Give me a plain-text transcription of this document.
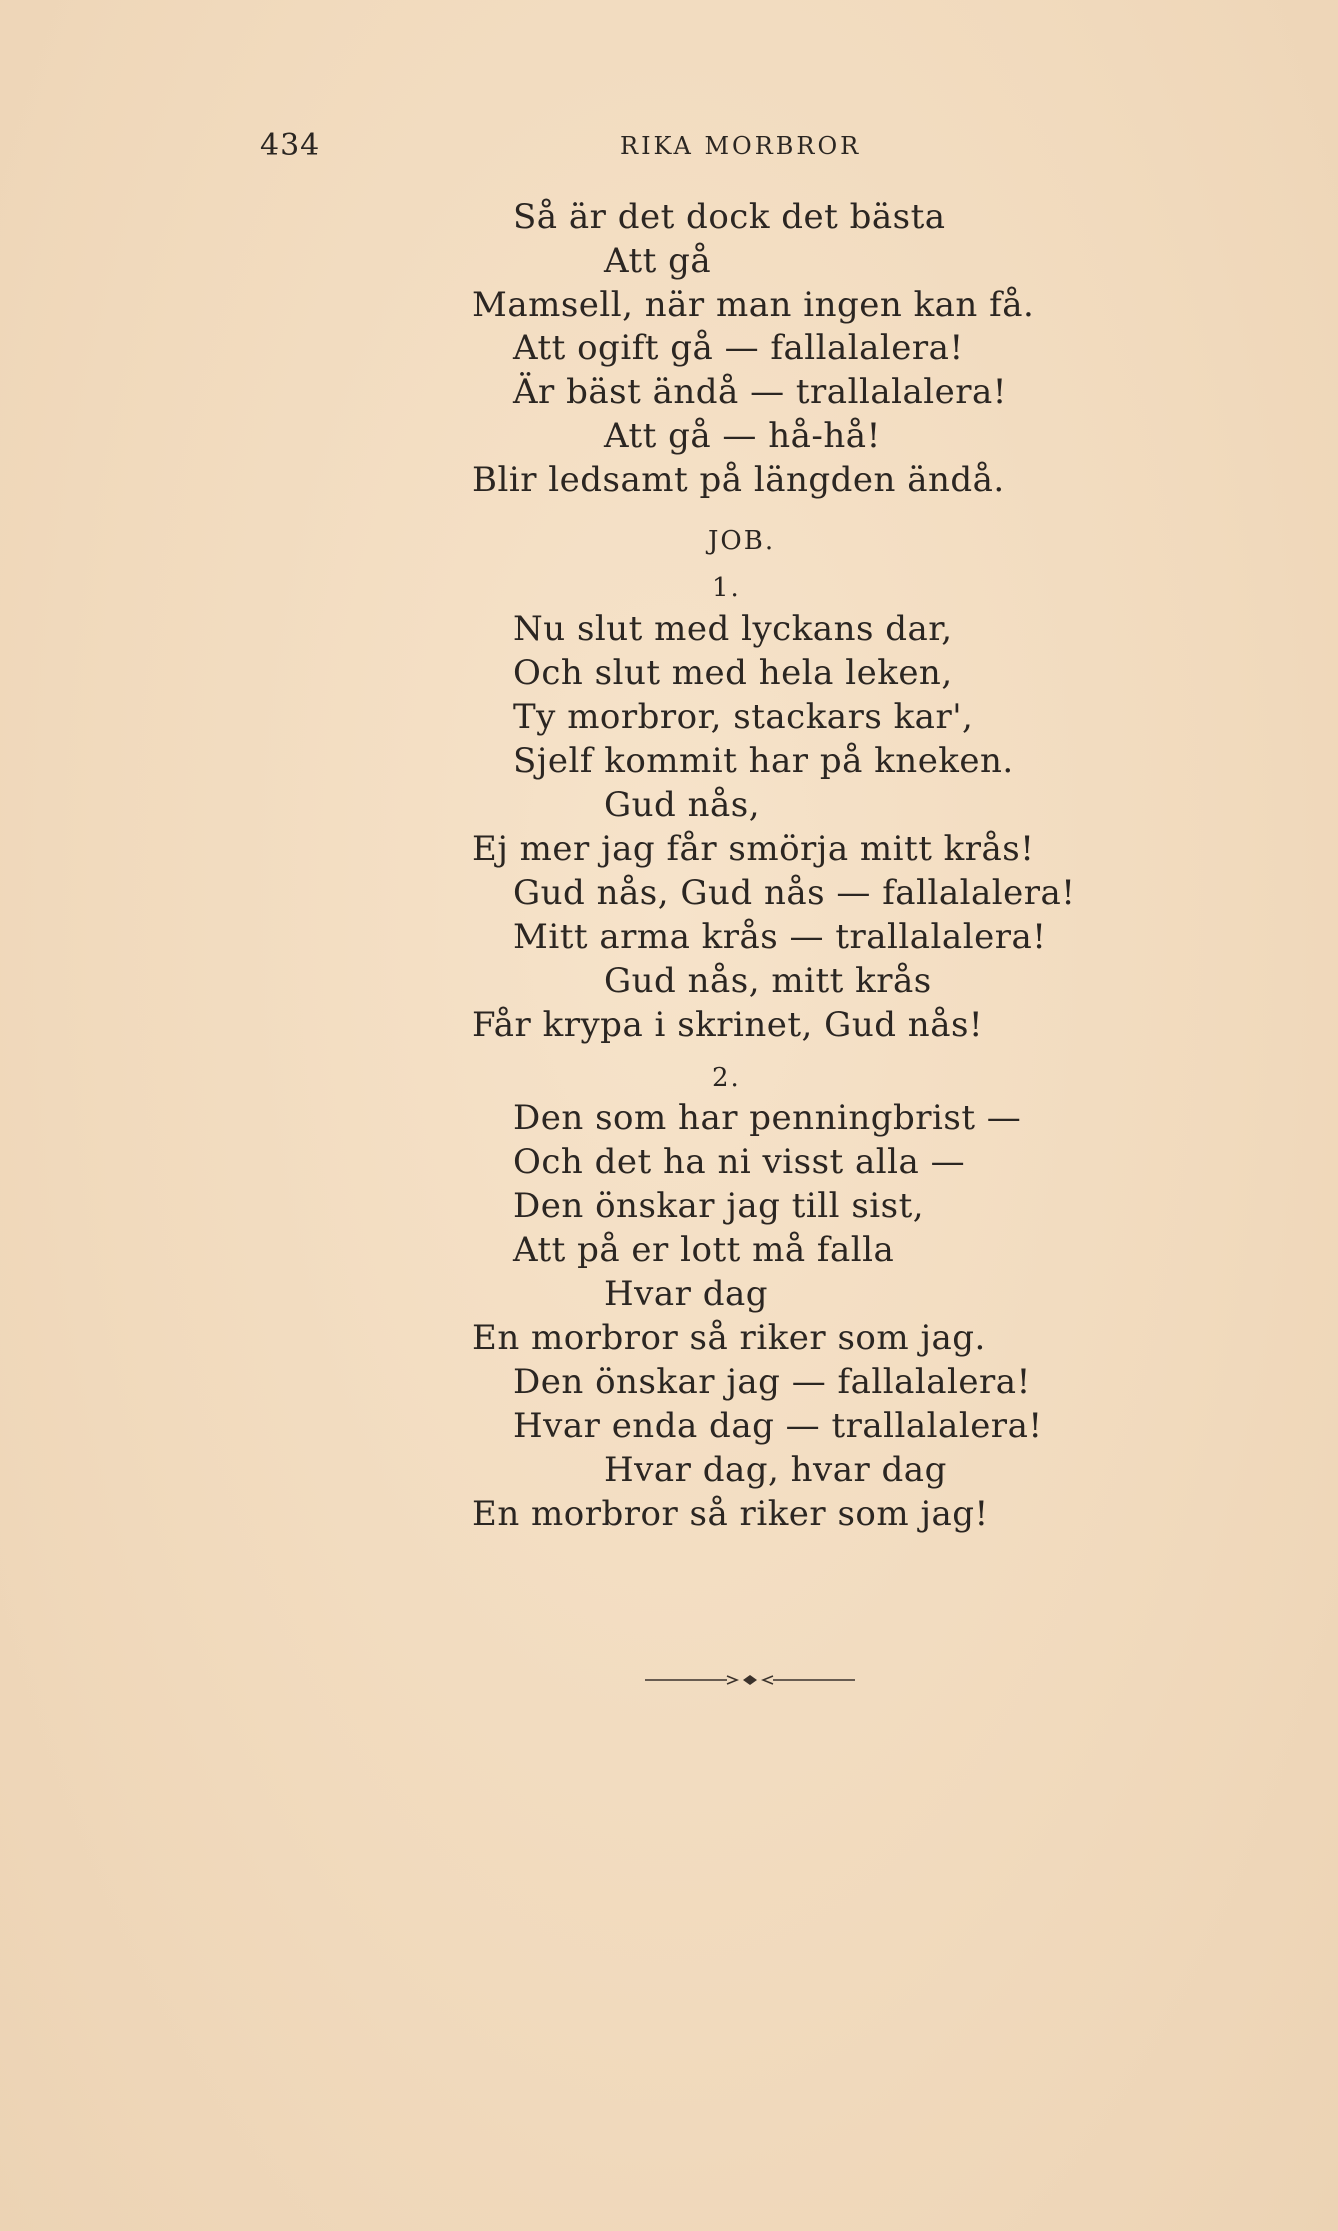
434	RIKA MORBROR
Så är det dock det bästa
Att gå
Mamsell, när man ingen kan få.
Att ogift gå — fallalalera!
Är bäst ändå — trallalalera!
Att gå — hå-hå!
Blir ledsamt på längden ändå.
JOB.
1.
Nu slut med lyckans dar,
Och slut med hela leken,
Ty morbror, stackars kar',
Sjelf kommit har på kneken.
Gud nås,
Ej mer jag får smörja mitt krås!
Gud nås, Gud nås — fallalalera!
Mitt arma krås — trallalalera!
Gud nås, mitt krås
Får krypa i skrinet, Gud nås!
2.
Den som har penningbrist —
Och det ha ni visst alla —
Den önskar jag till sist,
Att på er lott må falla
Hvar dag
En morbror så riker som jag.
Den önskar jag — fallalalera!
Hvar enda dag — trallalalera!
Hvar dag, hvar dag
En morbror så riker som jag!
